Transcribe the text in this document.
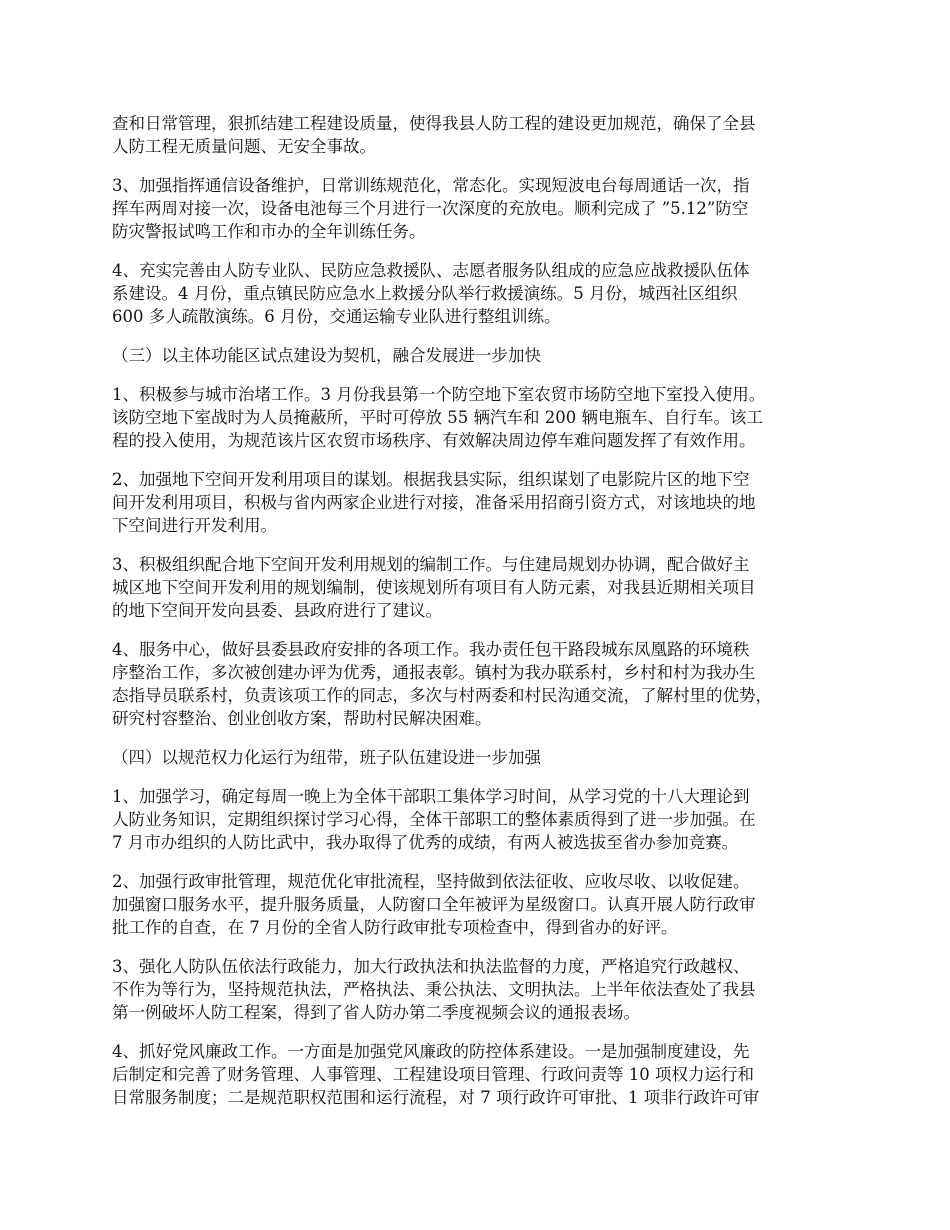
查和日常管理，狠抓结建工程建设质量，使得我县人防工程的建设更加规范，确保了全县
人防工程无质量问题、无安全事故。

3、加强指挥通信设备维护，日常训练规范化，常态化。实现短波电台每周通话一次，指
挥车两周对接一次，设备电池每三个月进行一次深度的充放电。顺利完成了 ”5.12”防空
防灾警报试鸣工作和市办的全年训练任务。

4、充实完善由人防专业队、民防应急救援队、志愿者服务队组成的应急应战救援队伍体
系建设。4 月份，重点镇民防应急水上救援分队举行救援演练。5 月份，城西社区组织
600 多人疏散演练。6 月份，交通运输专业队进行整组训练。

（三）以主体功能区试点建设为契机，融合发展进一步加快

1、积极参与城市治堵工作。3 月份我县第一个防空地下室农贸市场防空地下室投入使用。
该防空地下室战时为人员掩蔽所，平时可停放 55 辆汽车和 200 辆电瓶车、自行车。该工
程的投入使用，为规范该片区农贸市场秩序、有效解决周边停车难问题发挥了有效作用。

2、加强地下空间开发利用项目的谋划。根据我县实际，组织谋划了电影院片区的地下空
间开发利用项目，积极与省内两家企业进行对接，准备采用招商引资方式，对该地块的地
下空间进行开发利用。

3、积极组织配合地下空间开发利用规划的编制工作。与住建局规划办协调，配合做好主
城区地下空间开发利用的规划编制，使该规划所有项目有人防元素，对我县近期相关项目
的地下空间开发向县委、县政府进行了建议。

4、服务中心，做好县委县政府安排的各项工作。我办责任包干路段城东凤凰路的环境秩
序整治工作，多次被创建办评为优秀，通报表彰。镇村为我办联系村，乡村和村为我办生
态指导员联系村，负责该项工作的同志，多次与村两委和村民沟通交流，了解村里的优势，
研究村容整治、创业创收方案，帮助村民解决困难。

（四）以规范权力化运行为纽带，班子队伍建设进一步加强

1、加强学习，确定每周一晚上为全体干部职工集体学习时间，从学习党的十八大理论到
人防业务知识，定期组织探讨学习心得，全体干部职工的整体素质得到了进一步加强。在
7 月市办组织的人防比武中，我办取得了优秀的成绩，有两人被选拔至省办参加竞赛。

2、加强行政审批管理，规范优化审批流程，坚持做到依法征收、应收尽收、以收促建。
加强窗口服务水平，提升服务质量，人防窗口全年被评为星级窗口。认真开展人防行政审
批工作的自查，在 7 月份的全省人防行政审批专项检查中，得到省办的好评。

3、强化人防队伍依法行政能力，加大行政执法和执法监督的力度，严格追究行政越权、
不作为等行为，坚持规范执法，严格执法、秉公执法、文明执法。上半年依法查处了我县
第一例破坏人防工程案，得到了省人防办第二季度视频会议的通报表场。

4、抓好党风廉政工作。一方面是加强党风廉政的防控体系建设。一是加强制度建设，先
后制定和完善了财务管理、人事管理、工程建设项目管理、行政问责等 10 项权力运行和
日常服务制度；二是规范职权范围和运行流程，对 7 项行政许可审批、1 项非行政许可审
